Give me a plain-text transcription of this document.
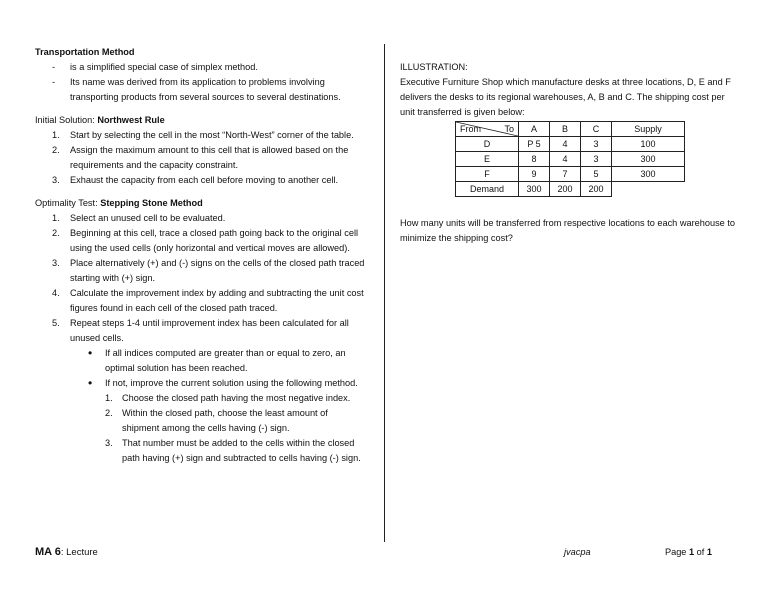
Transportation Method
- is a simplified special case of simplex method.
- Its name was derived from its application to problems involving transporting products from several sources to several destinations.
Initial Solution: Northwest Rule
1. Start by selecting the cell in the most “North-West” corner of the table.
2. Assign the maximum amount to this cell that is allowed based on the requirements and the capacity constraint.
3. Exhaust the capacity from each cell before moving to another cell.
Optimality Test: Stepping Stone Method
1. Select an unused cell to be evaluated.
2. Beginning at this cell, trace a closed path going back to the original cell using the used cells (only horizontal and vertical moves are allowed).
3. Place alternatively (+) and (-) signs on the cells of the closed path traced starting with (+) sign.
4. Calculate the improvement index by adding and subtracting the unit cost figures found in each cell of the closed path traced.
5. Repeat steps 1-4 until improvement index has been calculated for all unused cells.
• If all indices computed are greater than or equal to zero, an optimal solution has been reached.
• If not, improve the current solution using the following method.
1. Choose the closed path having the most negative index.
2. Within the closed path, choose the least amount of shipment among the cells having (-) sign.
3. That number must be added to the cells within the closed path having (+) sign and subtracted to cells having (-) sign.
ILLUSTRATION:

Executive Furniture Shop which manufacture desks at three locations, D, E and F delivers the desks to its regional warehouses, A, B and C. The shipping cost per unit transferred is given below:

From To	A	B	C	Supply
D	P 5	4	3	100
E	8	4	3	300
F	9	7	5	300
Demand	300	200	200	

How many units will be transferred from respective locations to each warehouse to minimize the shipping cost?

MA 6: Lecture	jvacpa	Page 1 of 1
